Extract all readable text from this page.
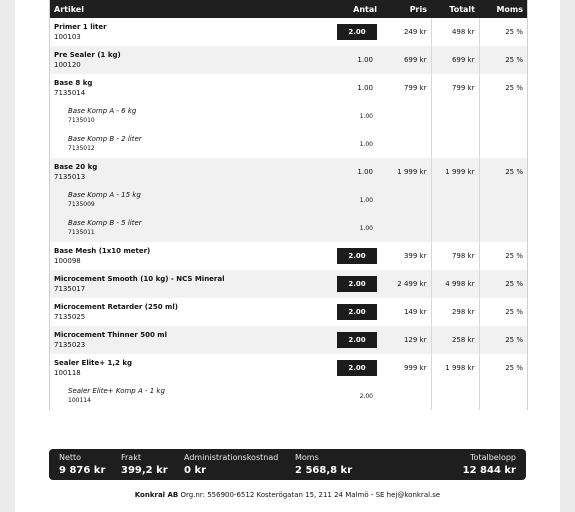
Artikel	Antal	Pris	Totalt	Moms

Primer 1 liter
100103	2.00	249 kr	498 kr	25 %

Pre Sealer (1 kg)
100120	1.00	699 kr	699 kr	25 %

Base 8 kg
7135014	1.00	799 kr	799 kr	25 %

Base Komp A - 6 kg
7135010	1.00			

Base Komp B - 2 liter
7135012	1.00			

Base 20 kg
7135013	1.00	1 999 kr	1 999 kr	25 %

Base Komp A - 15 kg
7135009	1.00			

Base Komp B - 5 liter
7135011	1.00			

Base Mesh (1x10 meter)
100098	2.00	399 kr	798 kr	25 %

Microcement Smooth (10 kg) - NCS Mineral
7135017	2.00	2 499 kr	4 998 kr	25 %

Microcement Retarder (250 ml)
7135025	2.00	149 kr	298 kr	25 %

Microcement Thinner 500 ml
7135023	2.00	129 kr	258 kr	25 %

Sealer Elite+ 1,2 kg
100118	2.00	999 kr	1 998 kr	25 %

Sealer Elite+ Komp A - 1 kg
100114	2.00			
Netto
9 876 kr
Frakt
399,2 kr
Administrationskostnad
0 kr
Moms
2 568,8 kr
Totalbelopp
12 844 kr
Konkral AB Org.nr: 556900-6512 Kosterögatan 15, 211 24 Malmö - SE hej@konkral.se
